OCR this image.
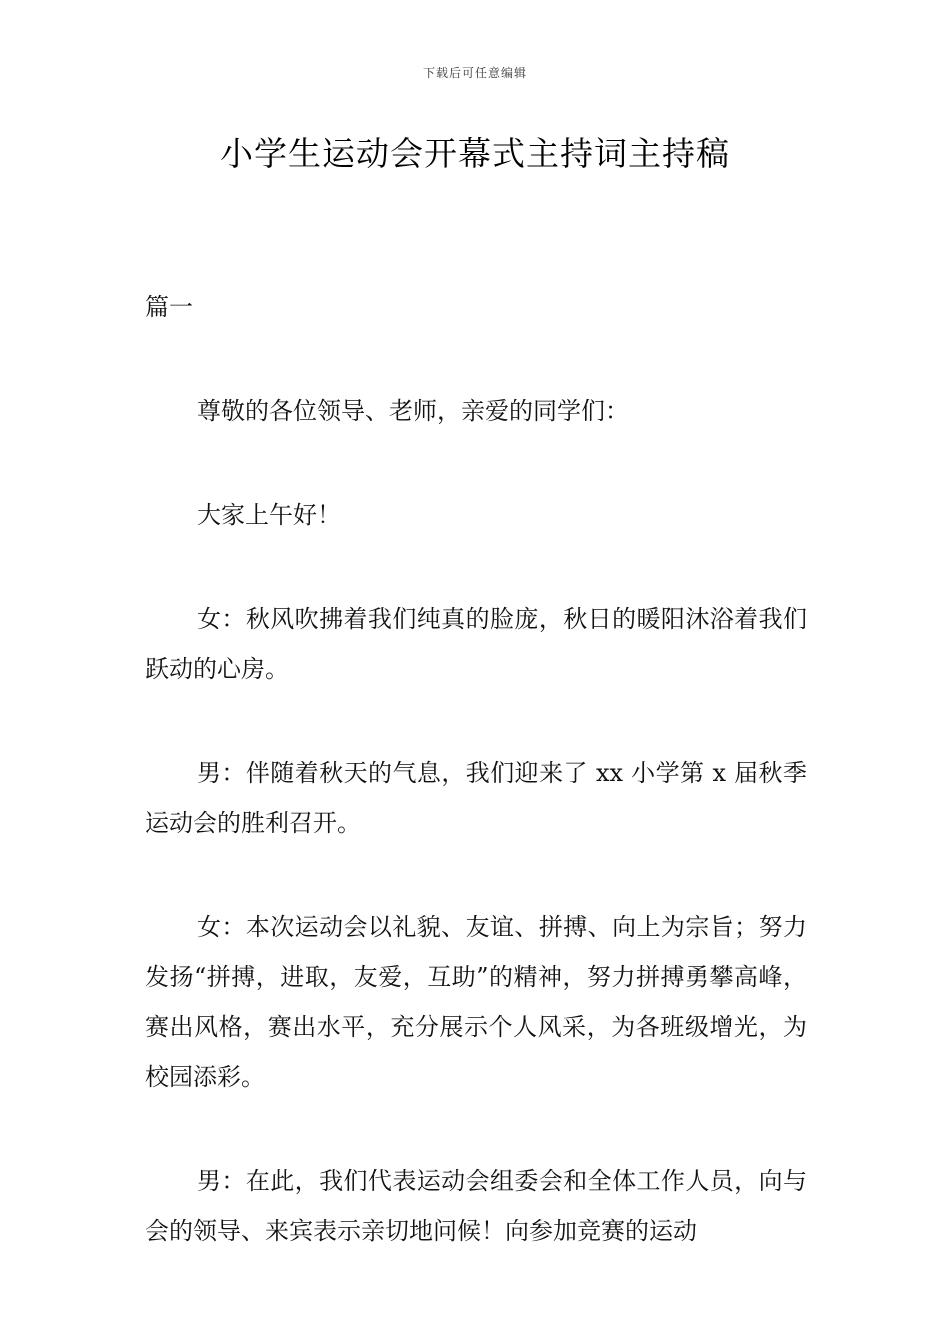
下载后可任意编辑
小学生运动会开幕式主持词主持稿
篇一

尊敬的各位领导、老师，亲爱的同学们：

大家上午好！

女：秋风吹拂着我们纯真的脸庞，秋日的暖阳沐浴着我们跃动的心房。

男：伴随着秋天的气息，我们迎来了 xx 小学第 x 届秋季运动会的胜利召开。

女：本次运动会以礼貌、友谊、拼搏、向上为宗旨；努力发扬“拼搏，进取，友爱，互助”的精神，努力拼搏勇攀高峰，赛出风格，赛出水平，充分展示个人风采，为各班级增光，为校园添彩。

男：在此，我们代表运动会组委会和全体工作人员，向与会的领导、来宾表示亲切地问候！向参加竞赛的运动
